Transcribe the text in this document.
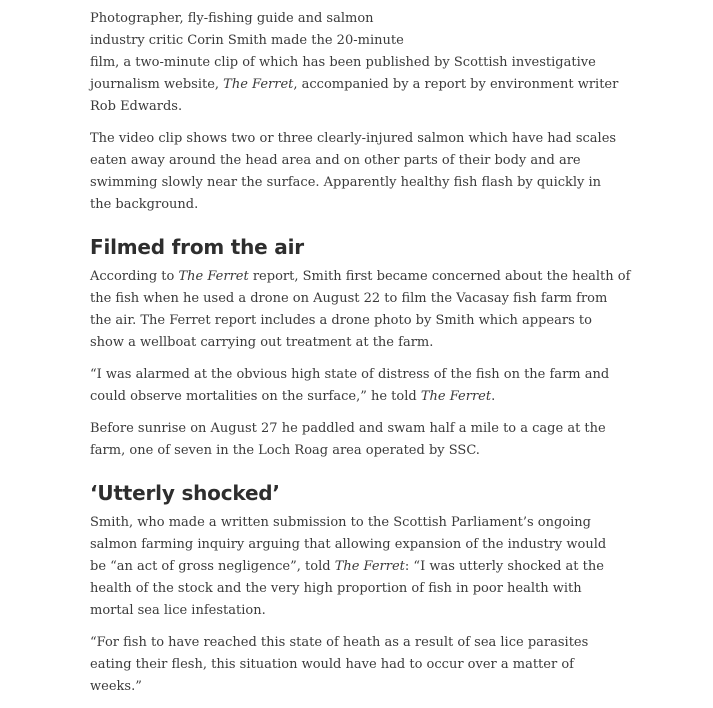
Photographer, fly-fishing guide and salmon
industry critic Corin Smith made the 20-minute
film, a two-minute clip of which has been published by Scottish investigative
journalism website, The Ferret, accompanied by a report by environment writer
Rob Edwards.

The video clip shows two or three clearly-injured salmon which have had scales
eaten away around the head area and on other parts of their body and are
swimming slowly near the surface. Apparently healthy fish flash by quickly in
the background.

Filmed from the air

According to The Ferret report, Smith first became concerned about the health of
the fish when he used a drone on August 22 to film the Vacasay fish farm from
the air. The Ferret report includes a drone photo by Smith which appears to
show a wellboat carrying out treatment at the farm.

“I was alarmed at the obvious high state of distress of the fish on the farm and
could observe mortalities on the surface,” he told The Ferret.

Before sunrise on August 27 he paddled and swam half a mile to a cage at the
farm, one of seven in the Loch Roag area operated by SSC.

‘Utterly shocked’

Smith, who made a written submission to the Scottish Parliament’s ongoing
salmon farming inquiry arguing that allowing expansion of the industry would
be “an act of gross negligence”, told The Ferret: “I was utterly shocked at the
health of the stock and the very high proportion of fish in poor health with
mortal sea lice infestation.

“For fish to have reached this state of heath as a result of sea lice parasites
eating their flesh, this situation would have had to occur over a matter of
weeks.”
